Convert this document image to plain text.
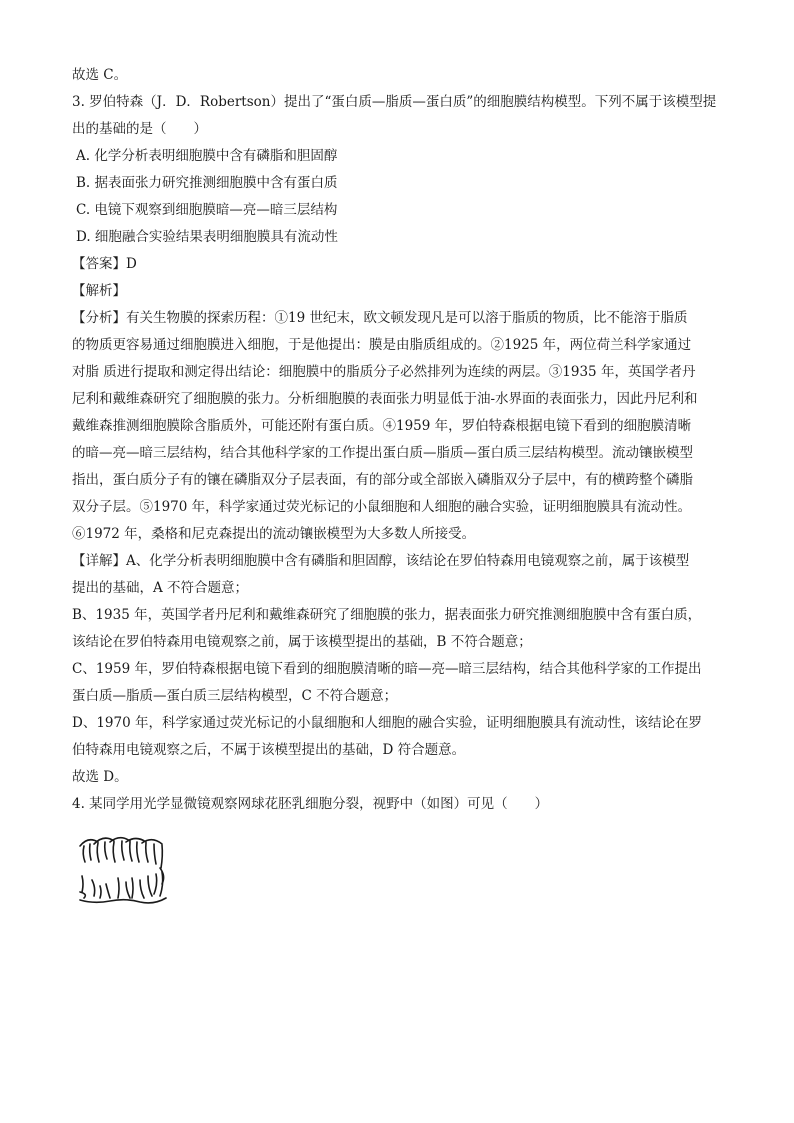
故选 C。
3. 罗伯特森（J．D．Robertson）提出了“蛋白质—脂质—蛋白质”的细胞膜结构模型。下列不属于该模型提
出的基础的是（　　）
A. 化学分析表明细胞膜中含有磷脂和胆固醇
B. 据表面张力研究推测细胞膜中含有蛋白质
C. 电镜下观察到细胞膜暗—亮—暗三层结构
D. 细胞融合实验结果表明细胞膜具有流动性
【答案】D
【解析】
【分析】有关生物膜的探索历程：①19 世纪末，欧文顿发现凡是可以溶于脂质的物质，比不能溶于脂质
的物质更容易通过细胞膜进入细胞，于是他提出：膜是由脂质组成的。②1925 年，两位荷兰科学家通过
对脂 质进行提取和测定得出结论：细胞膜中的脂质分子必然排列为连续的两层。③1935 年，英国学者丹
尼利和戴维森研究了细胞膜的张力。分析细胞膜的表面张力明显低于油-水界面的表面张力，因此丹尼利和
戴维森推测细胞膜除含脂质外，可能还附有蛋白质。④1959 年，罗伯特森根据电镜下看到的细胞膜清晰
的暗—亮—暗三层结构，结合其他科学家的工作提出蛋白质—脂质—蛋白质三层结构模型。流动镶嵌模型
指出，蛋白质分子有的镶在磷脂双分子层表面，有的部分或全部嵌入磷脂双分子层中，有的横跨整个磷脂
双分子层。⑤1970 年，科学家通过荧光标记的小鼠细胞和人细胞的融合实验，证明细胞膜具有流动性。
⑥1972 年，桑格和尼克森提出的流动镶嵌模型为大多数人所接受。
【详解】A、化学分析表明细胞膜中含有磷脂和胆固醇，该结论在罗伯特森用电镜观察之前，属于该模型
提出的基础，A 不符合题意；
B、1935 年，英国学者丹尼利和戴维森研究了细胞膜的张力，据表面张力研究推测细胞膜中含有蛋白质，
该结论在罗伯特森用电镜观察之前，属于该模型提出的基础，B 不符合题意；
C、1959 年，罗伯特森根据电镜下看到的细胞膜清晰的暗—亮—暗三层结构，结合其他科学家的工作提出
蛋白质—脂质—蛋白质三层结构模型，C 不符合题意；
D、1970 年，科学家通过荧光标记的小鼠细胞和人细胞的融合实验，证明细胞膜具有流动性，该结论在罗
伯特森用电镜观察之后，不属于该模型提出的基础，D 符合题意。
故选 D。
4. 某同学用光学显微镜观察网球花胚乳细胞分裂，视野中（如图）可见（　　）
